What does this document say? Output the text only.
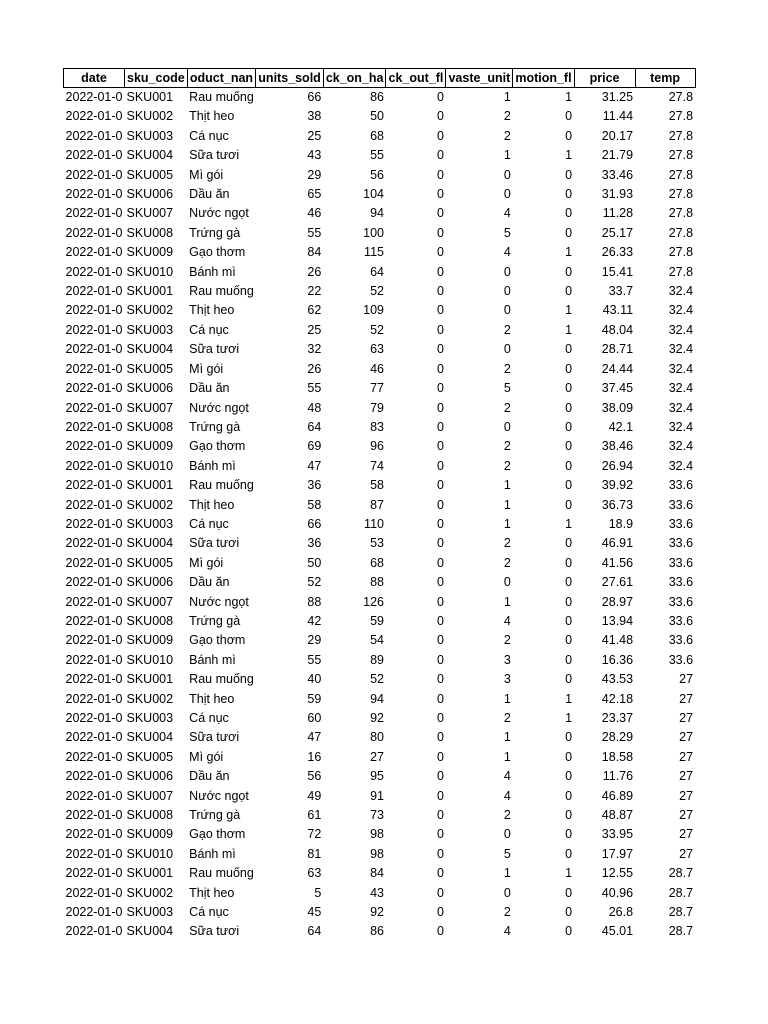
date	sku_code	oduct_nan	units_sold	ck_on_ha	ck_out_fl	vaste_unit	motion_fl	price	temp
2022-01-0	SKU001	Rau muống	66	86	0	1	1	31.25	27.8
2022-01-0	SKU002	Thịt heo	38	50	0	2	0	11.44	27.8
2022-01-0	SKU003	Cá nục	25	68	0	2	0	20.17	27.8
2022-01-0	SKU004	Sữa tươi	43	55	0	1	1	21.79	27.8
2022-01-0	SKU005	Mì gói	29	56	0	0	0	33.46	27.8
2022-01-0	SKU006	Dầu ăn	65	104	0	0	0	31.93	27.8
2022-01-0	SKU007	Nước ngọt	46	94	0	4	0	11.28	27.8
2022-01-0	SKU008	Trứng gà	55	100	0	5	0	25.17	27.8
2022-01-0	SKU009	Gạo thơm	84	115	0	4	1	26.33	27.8
2022-01-0	SKU010	Bánh mì	26	64	0	0	0	15.41	27.8
2022-01-0	SKU001	Rau muống	22	52	0	0	0	33.7	32.4
2022-01-0	SKU002	Thịt heo	62	109	0	0	1	43.11	32.4
2022-01-0	SKU003	Cá nục	25	52	0	2	1	48.04	32.4
2022-01-0	SKU004	Sữa tươi	32	63	0	0	0	28.71	32.4
2022-01-0	SKU005	Mì gói	26	46	0	2	0	24.44	32.4
2022-01-0	SKU006	Dầu ăn	55	77	0	5	0	37.45	32.4
2022-01-0	SKU007	Nước ngọt	48	79	0	2	0	38.09	32.4
2022-01-0	SKU008	Trứng gà	64	83	0	0	0	42.1	32.4
2022-01-0	SKU009	Gạo thơm	69	96	0	2	0	38.46	32.4
2022-01-0	SKU010	Bánh mì	47	74	0	2	0	26.94	32.4
2022-01-0	SKU001	Rau muống	36	58	0	1	0	39.92	33.6
2022-01-0	SKU002	Thịt heo	58	87	0	1	0	36.73	33.6
2022-01-0	SKU003	Cá nục	66	110	0	1	1	18.9	33.6
2022-01-0	SKU004	Sữa tươi	36	53	0	2	0	46.91	33.6
2022-01-0	SKU005	Mì gói	50	68	0	2	0	41.56	33.6
2022-01-0	SKU006	Dầu ăn	52	88	0	0	0	27.61	33.6
2022-01-0	SKU007	Nước ngọt	88	126	0	1	0	28.97	33.6
2022-01-0	SKU008	Trứng gà	42	59	0	4	0	13.94	33.6
2022-01-0	SKU009	Gạo thơm	29	54	0	2	0	41.48	33.6
2022-01-0	SKU010	Bánh mì	55	89	0	3	0	16.36	33.6
2022-01-0	SKU001	Rau muống	40	52	0	3	0	43.53	27
2022-01-0	SKU002	Thịt heo	59	94	0	1	1	42.18	27
2022-01-0	SKU003	Cá nục	60	92	0	2	1	23.37	27
2022-01-0	SKU004	Sữa tươi	47	80	0	1	0	28.29	27
2022-01-0	SKU005	Mì gói	16	27	0	1	0	18.58	27
2022-01-0	SKU006	Dầu ăn	56	95	0	4	0	11.76	27
2022-01-0	SKU007	Nước ngọt	49	91	0	4	0	46.89	27
2022-01-0	SKU008	Trứng gà	61	73	0	2	0	48.87	27
2022-01-0	SKU009	Gạo thơm	72	98	0	0	0	33.95	27
2022-01-0	SKU010	Bánh mì	81	98	0	5	0	17.97	27
2022-01-0	SKU001	Rau muống	63	84	0	1	1	12.55	28.7
2022-01-0	SKU002	Thịt heo	5	43	0	0	0	40.96	28.7
2022-01-0	SKU003	Cá nục	45	92	0	2	0	26.8	28.7
2022-01-0	SKU004	Sữa tươi	64	86	0	4	0	45.01	28.7
